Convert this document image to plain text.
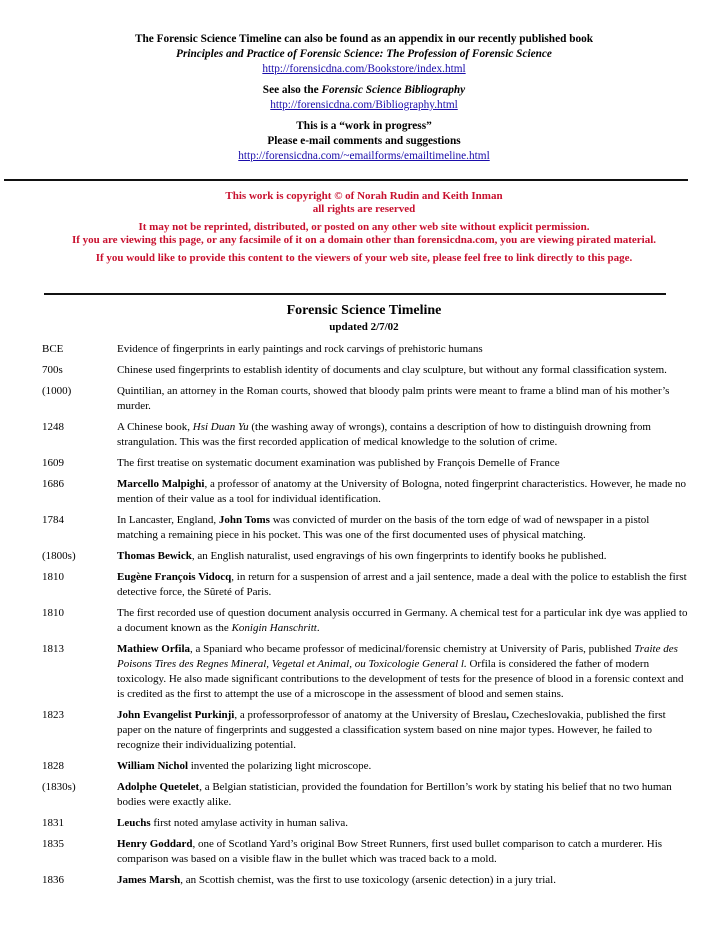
The Forensic Science Timeline can also be found as an appendix in our recently published book
Principles and Practice of Forensic Science: The Profession of Forensic Science
http://forensicdna.com/Bookstore/index.html
See also the Forensic Science Bibliography
http://forensicdna.com/Bibliography.html
This is a “work in progress”
Please e-mail comments and suggestions
http://forensicdna.com/~emailforms/emailtimeline.html
This work is copyright © of Norah Rudin and Keith Inman
all rights are reserved
It may not be reprinted, distributed, or posted on any other web site without explicit permission.
If you are viewing this page, or any facsimile of it on a domain other than forensicdna.com, you are viewing pirated material.
If you would like to provide this content to the viewers of your web site, please feel free to link directly to this page.
Forensic Science Timeline
updated 2/7/02
BCE	Evidence of fingerprints in early paintings and rock carvings of prehistoric humans
700s	Chinese used fingerprints to establish identity of documents and clay sculpture, but without any formal classification system.
(1000)	Quintilian, an attorney in the Roman courts, showed that bloody palm prints were meant to frame a blind man of his mother’s murder.
1248	A Chinese book, Hsi Duan Yu (the washing away of wrongs), contains a description of how to distinguish drowning from strangulation. This was the first recorded application of medical knowledge to the solution of crime.
1609	The first treatise on systematic document examination was published by François Demelle of France
1686	Marcello Malpighi, a professor of anatomy at the University of Bologna, noted fingerprint characteristics. However, he made no mention of their value as a tool for individual identification.
1784	In Lancaster, England, John Toms was convicted of murder on the basis of the torn edge of wad of newspaper in a pistol matching a remaining piece in his pocket. This was one of the first documented uses of physical matching.
(1800s)	Thomas Bewick, an English naturalist, used engravings of his own fingerprints to identify books he published.
1810	Eugène François Vidocq, in return for a suspension of arrest and a jail sentence, made a deal with the police to establish the first detective force, the Sûreté of Paris.
1810	The first recorded use of question document analysis occurred in Germany. A chemical test for a particular ink dye was applied to a document known as the Konigin Hanschritt.
1813	Mathiew Orfila, a Spaniard who became professor of medicinal/forensic chemistry at University of Paris, published Traite des Poisons Tires des Regnes Mineral, Vegetal et Animal, ou Toxicologie General l. Orfila is considered the father of modern toxicology. He also made significant contributions to the development of tests for the presence of blood in a forensic context and is credited as the first to attempt the use of a microscope in the assessment of blood and semen stains.
1823	John Evangelist Purkinji, a professorprofessor of anatomy at the University of Breslau, Czecheslovakia, published the first paper on the nature of fingerprints and suggested a classification system based on nine major types. However, he failed to recognize their individualizing potential.
1828	William Nichol invented the polarizing light microscope.
(1830s)	Adolphe Quetelet, a Belgian statistician, provided the foundation for Bertillon’s work by stating his belief that no two human bodies were exactly alike.
1831	Leuchs first noted amylase activity in human saliva.
1835	Henry Goddard, one of Scotland Yard’s original Bow Street Runners, first used bullet comparison to catch a murderer. His comparison was based on a visible flaw in the bullet which was traced back to a mold.
1836	James Marsh, an Scottish chemist, was the first to use toxicology (arsenic detection) in a jury trial.
